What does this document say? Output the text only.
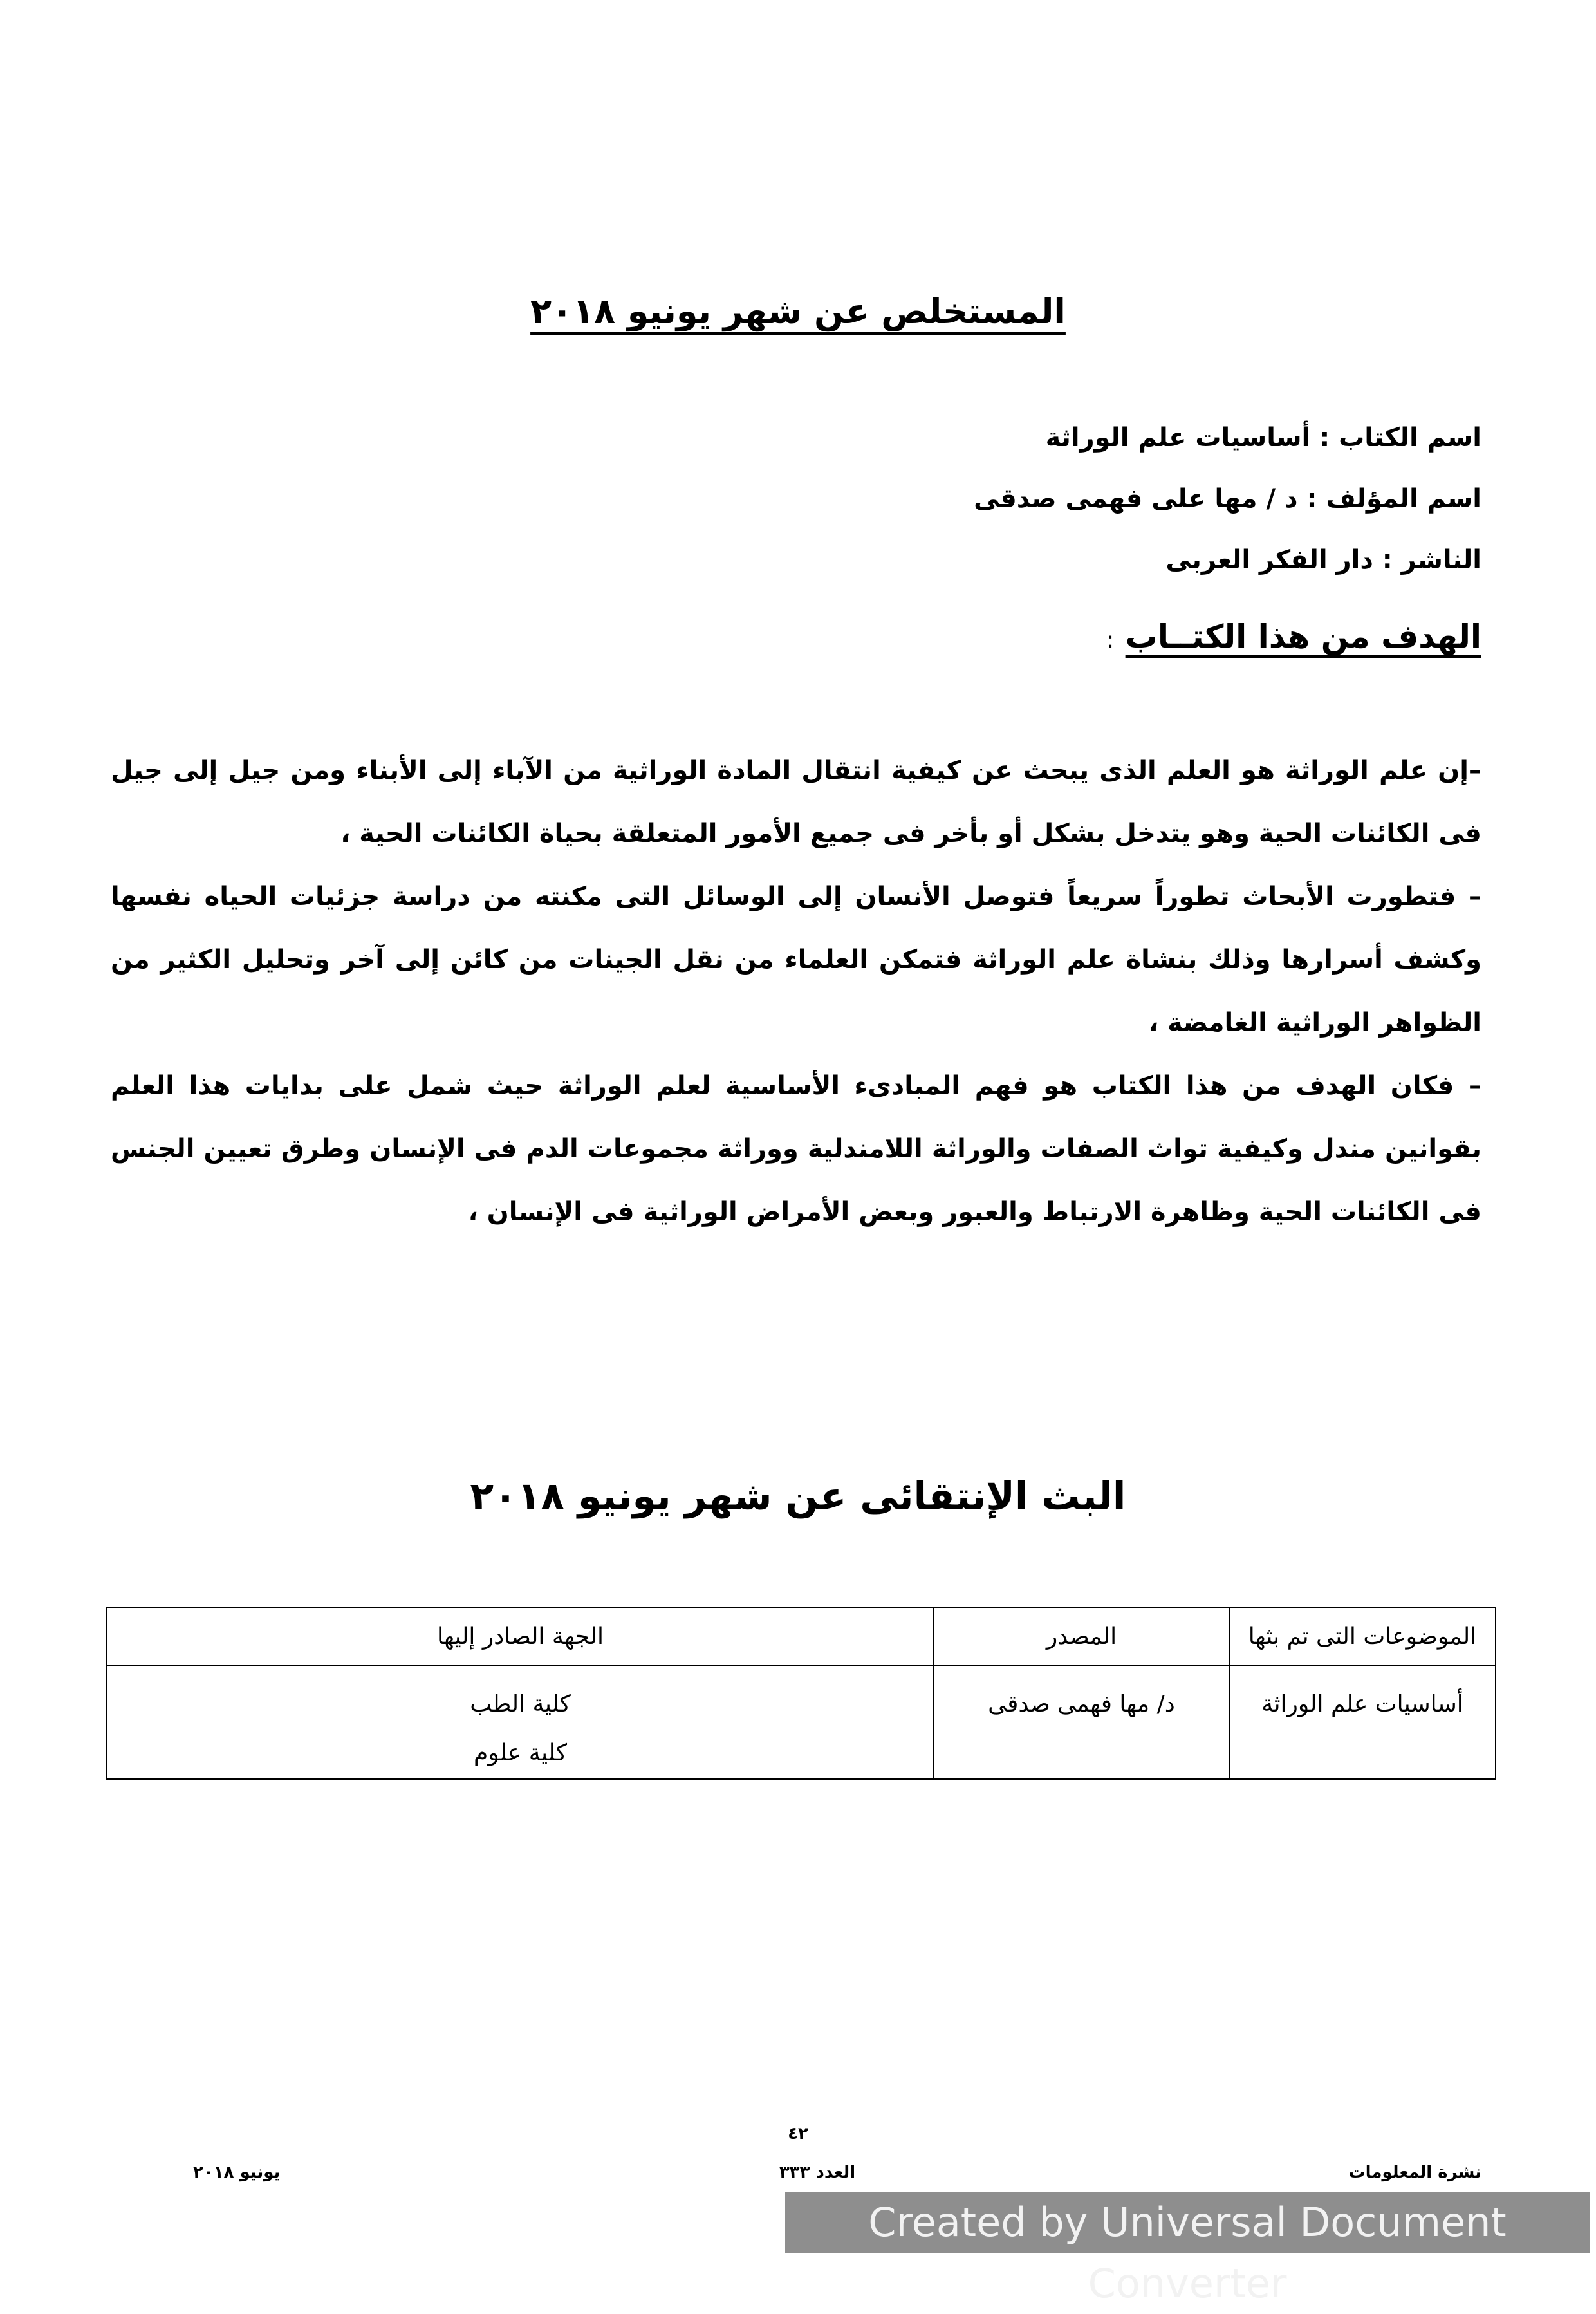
المستخلص عن شهر يونيو ٢٠١٨
اسم الكتاب : أساسيات علم الوراثة
اسم المؤلف : د / مها على فهمى صدقى
الناشر : دار الفكر العربى
الهدف من هذا الكتــاب :

–إن علم الوراثة هو العلم الذى يبحث عن كيفية انتقال المادة الوراثية من الآباء إلى الأبناء ومن جيل إلى جيل فى الكائنات الحية وهو يتدخل بشكل أو بأخر فى جميع الأمور المتعلقة بحياة الكائنات الحية ،

– فتطورت الأبحاث تطوراً سريعاً فتوصل الأنسان إلى الوسائل التى مكنته من دراسة جزئيات الحياه نفسها وكشف أسرارها وذلك بنشاة علم الوراثة فتمكن العلماء من نقل الجينات من كائن إلى آخر وتحليل الكثير من الظواهر الوراثية الغامضة ،

– فكان الهدف من هذا الكتاب هو فهم المبادىء الأساسية لعلم الوراثة حيث شمل على بدايات هذا العلم بقوانين مندل وكيفية تواث الصفات والوراثة اللامندلية ووراثة مجموعات الدم فى الإنسان وطرق تعيين الجنس فى الكائنات الحية وظاهرة الارتباط والعبور وبعض الأمراض الوراثية فى الإنسان ،

البث الإنتقائى عن شهر يونيو ٢٠١٨
الموضوعات التى تم بثها	المصدر	الجهة الصادر إليها
أساسيات علم الوراثة	د/ مها فهمى صدقى	كلية الطب
كلية علوم
٤٢
نشرة المعلومات
العدد ٣٣٣
يونيو ٢٠١٨
Created by Universal Document Converter
